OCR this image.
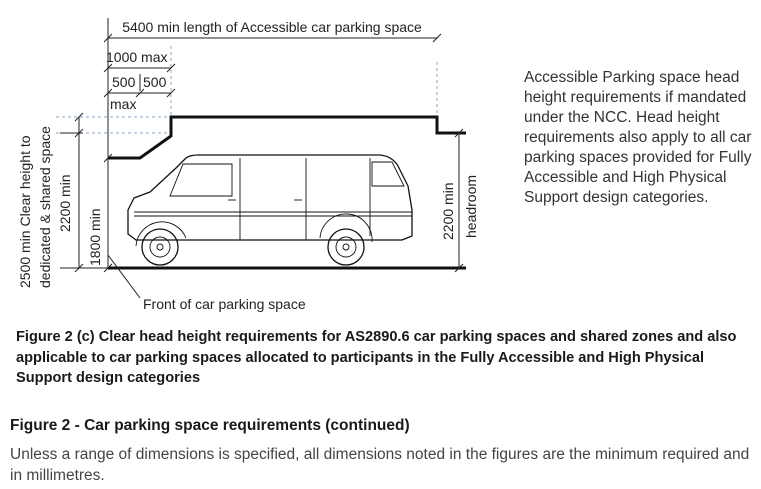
5400 min length of Accessible car parking space
1000 max
500 500
max
2500 min Clear height to dedicated & shared space 2200 min
1800 min	2200 min headroom
Front of car parking space

Accessible Parking space head height requirements if mandated under the NCC. Head height requirements also apply to all car parking spaces provided for Fully Accessible and High Physical Support design categories.

Figure 2 (c) Clear head height requirements for AS2890.6 car parking spaces and shared zones and also applicable to car parking spaces allocated to participants in the Fully Accessible and High Physical Support design categories

Figure 2 - Car parking space requirements (continued)

Unless a range of dimensions is specified, all dimensions noted in the figures are the minimum required and in millimetres.
